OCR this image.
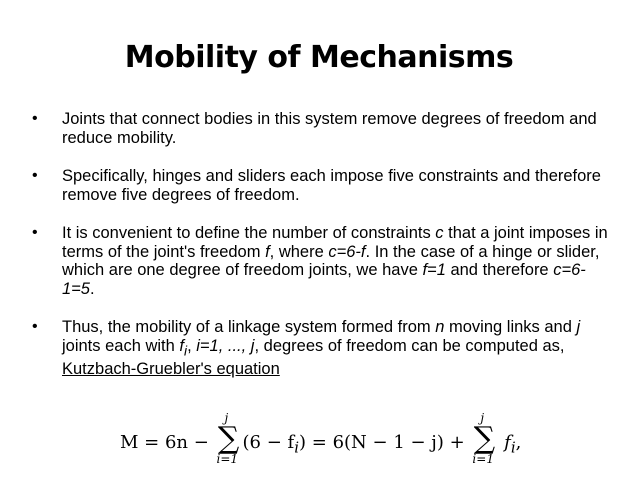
Mobility of Mechanisms
• Joints that connect bodies in this system remove degrees of freedom and reduce mobility.
• Specifically, hinges and sliders each impose five constraints and therefore remove five degrees of freedom.
• It is convenient to define the number of constraints c that a joint imposes in terms of the joint's freedom f, where c=6-f. In the case of a hinge or slider, which are one degree of freedom joints, we have f=1 and therefore c=6-1=5.
• Thus, the mobility of a linkage system formed from n moving links and j joints each with $f_i$, i=1, ..., j, degrees of freedom can be computed as, Kutzbach-Gruebler's equation
M = 6n −
j
∑
i=1
$(6 - f_i) = 6(N - 1 - j)$ +
j
∑
i=1
$f_i$,
